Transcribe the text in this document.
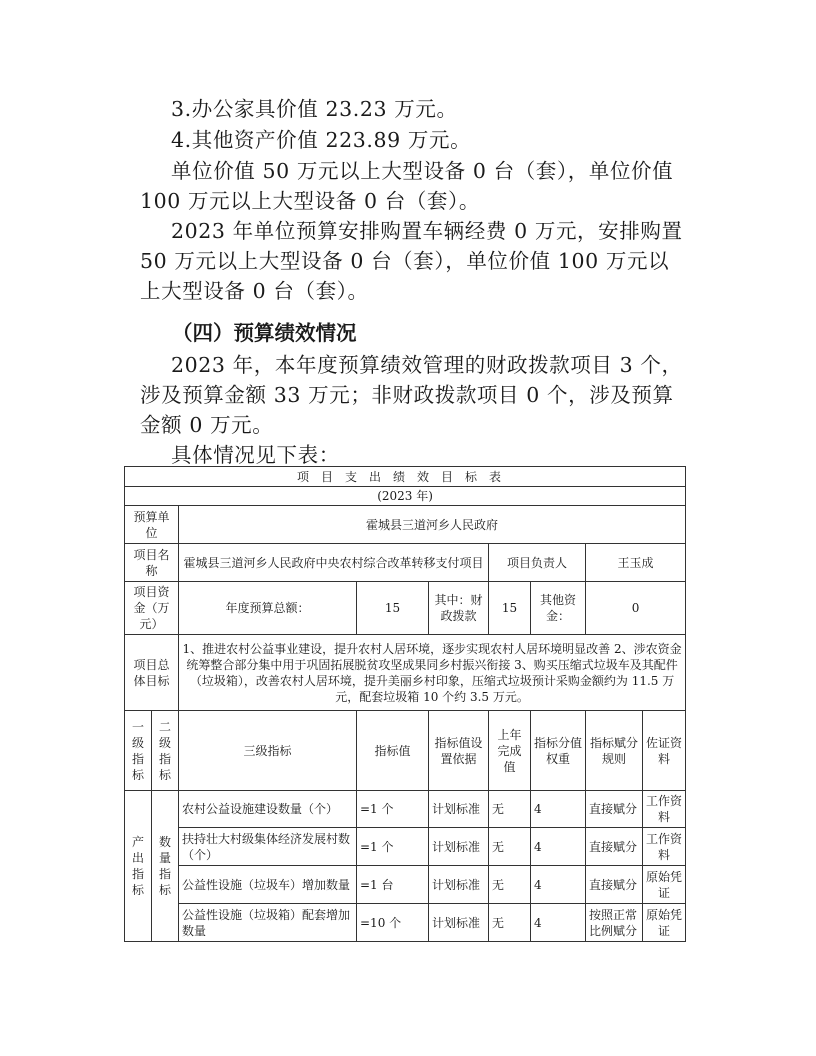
3.办公家具价值 23.23 万元。

4.其他资产价值 223.89 万元。

单位价值 50 万元以上大型设备 0 台（套），单位价值 100 万元以上大型设备 0 台（套）。

2023 年单位预算安排购置车辆经费 0 万元，安排购置 50 万元以上大型设备 0 台（套），单位价值 100 万元以上大型设备 0 台（套）。

（四）预算绩效情况

2023 年，本年度预算绩效管理的财政拨款项目 3 个，涉及预算金额 33 万元；非财政拨款项目 0 个，涉及预算金额 0 万元。

具体情况见下表：

项目支出绩效目标表								
(2023 年)								
预算单位		霍城县三道河乡人民政府						
项目名称		霍城县三道河乡人民政府中央农村综合改革转移支付项目			项目负责人		王玉成	
项目资金（万元）		年度预算总额：	15	其中：财政拨款	15	其他资金：	0	
项目总体目标		1、推进农村公益事业建设，提升农村人居环境，逐步实现农村人居环境明显改善 2、涉农资金统筹整合部分集中用于巩固拓展脱贫攻坚成果同乡村振兴衔接 3、购买压缩式垃圾车及其配件（垃圾箱），改善农村人居环境，提升美丽乡村印象，压缩式垃圾预计采购金额约为 11.5 万元，配套垃圾箱 10 个约 3.5 万元。						
一级指标	二级指标	三级指标	指标值	指标值设置依据	上年完成值	指标分值权重	指标赋分规则	佐证资料
产出指标	数量指标	农村公益设施建设数量（个）	=1 个	计划标准	无	4	直接赋分	工作资料
		扶持壮大村级集体经济发展村数（个）	=1 个	计划标准	无	4	直接赋分	工作资料
		公益性设施（垃圾车）增加数量	=1 台	计划标准	无	4	直接赋分	原始凭证
		公益性设施（垃圾箱）配套增加数量	=10 个	计划标准	无	4	按照正常比例赋分	原始凭证
